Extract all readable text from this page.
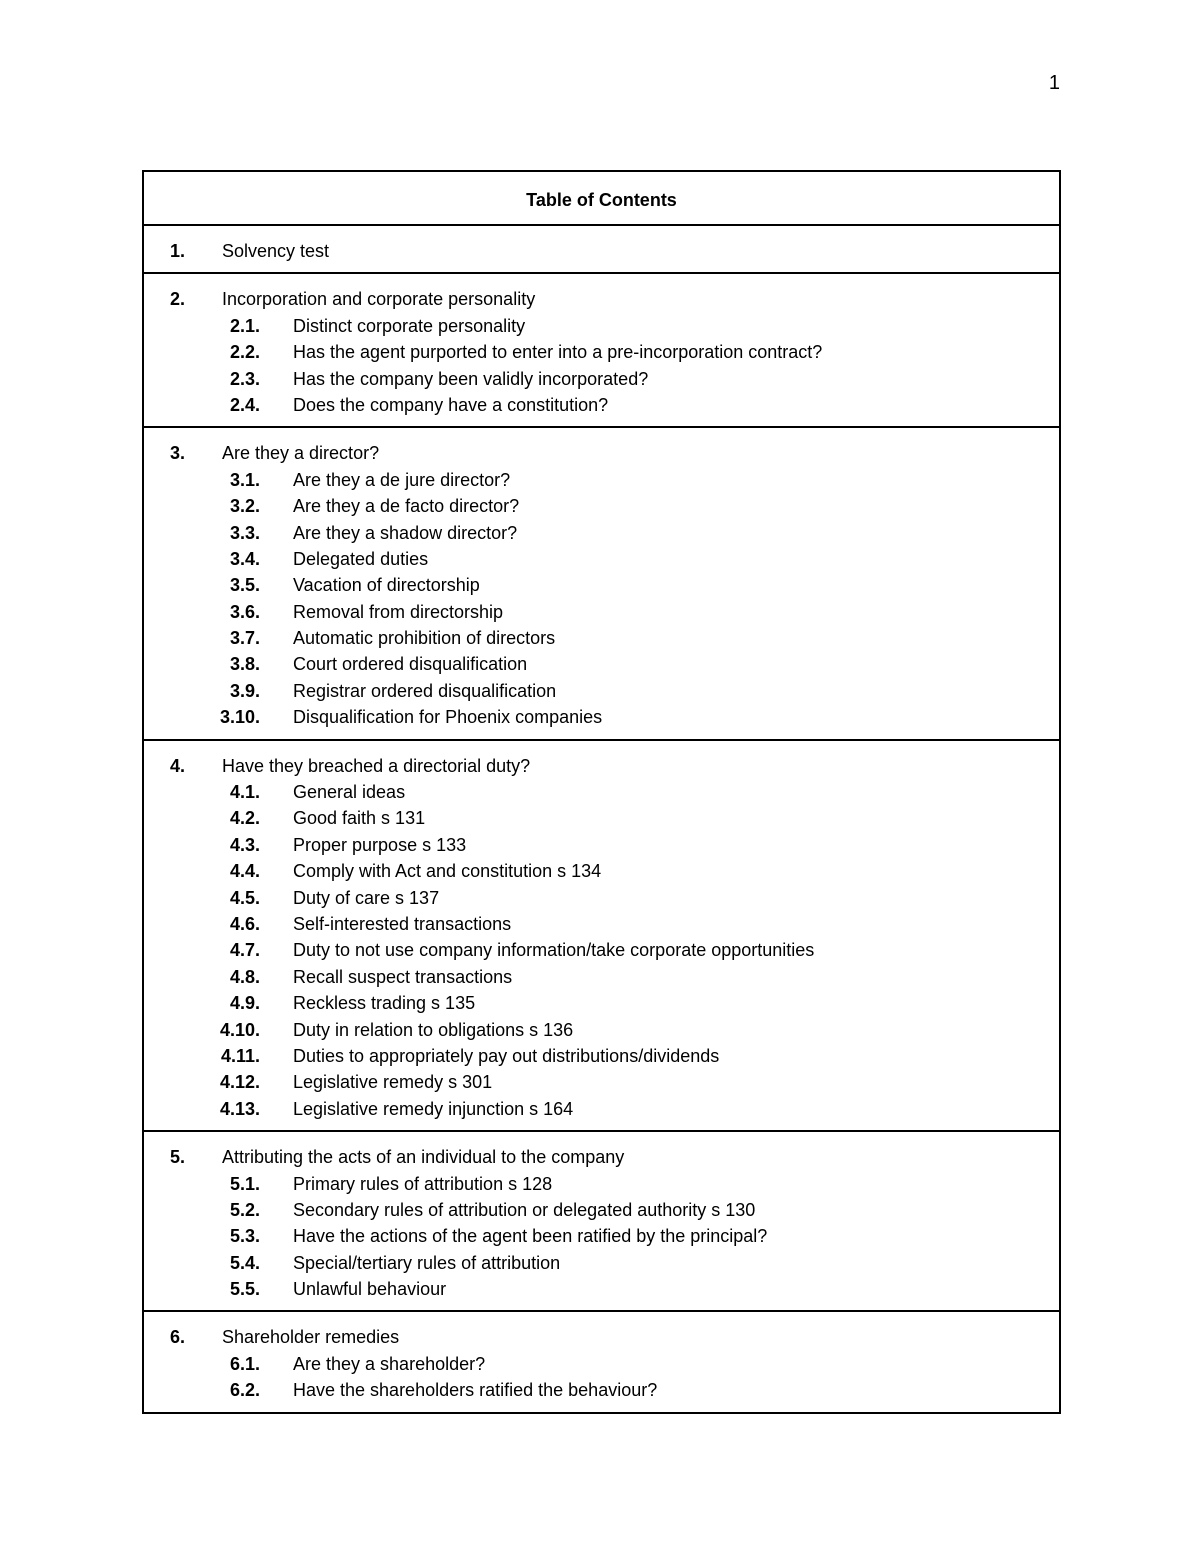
1
Table of Contents

1.	Solvency test

2.	Incorporation and corporate personality
2.1. Distinct corporate personality
2.2. Has the agent purported to enter into a pre-incorporation contract?
2.3. Has the company been validly incorporated?
2.4. Does the company have a constitution?

3.	Are they a director?
3.1. Are they a de jure director?
3.2. Are they a de facto director?
3.3. Are they a shadow director?
3.4. Delegated duties
3.5. Vacation of directorship
3.6. Removal from directorship
3.7. Automatic prohibition of directors
3.8. Court ordered disqualification
3.9. Registrar ordered disqualification
3.10. Disqualification for Phoenix companies

4.	Have they breached a directorial duty?
4.1. General ideas
4.2. Good faith s 131
4.3. Proper purpose s 133
4.4. Comply with Act and constitution s 134
4.5. Duty of care s 137
4.6. Self-interested transactions
4.7. Duty to not use company information/take corporate opportunities
4.8. Recall suspect transactions
4.9. Reckless trading s 135
4.10. Duty in relation to obligations s 136
4.11. Duties to appropriately pay out distributions/dividends
4.12. Legislative remedy s 301
4.13. Legislative remedy injunction s 164

5.	Attributing the acts of an individual to the company
5.1. Primary rules of attribution s 128
5.2. Secondary rules of attribution or delegated authority s 130
5.3. Have the actions of the agent been ratified by the principal?
5.4. Special/tertiary rules of attribution
5.5. Unlawful behaviour

6.	Shareholder remedies
6.1. Are they a shareholder?
6.2. Have the shareholders ratified the behaviour?
